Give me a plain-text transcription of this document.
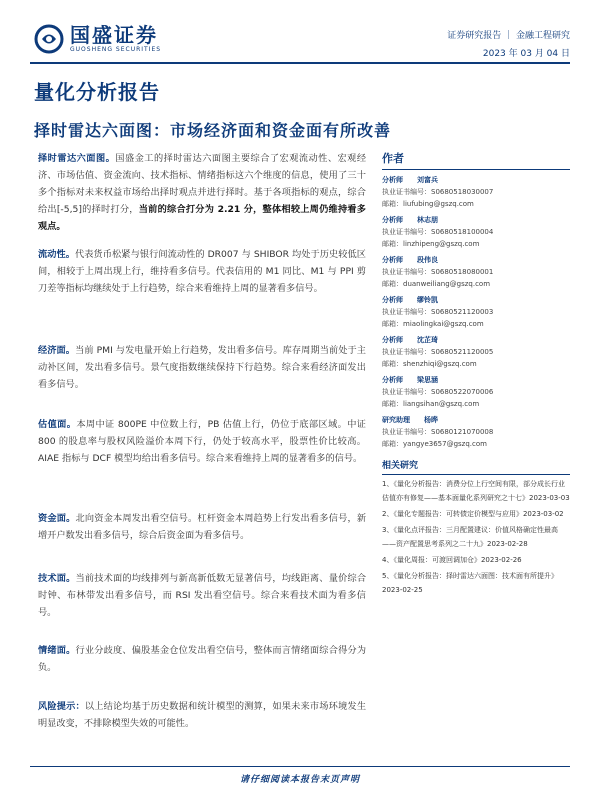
国盛证券
GUOSHENG SECURITIES
证券研究报告 ｜ 金融工程研究
2023 年 03 月 04 日
量化分析报告
择时雷达六面图：市场经济面和资金面有所改善

择时雷达六面图。国盛金工的择时雷达六面图主要综合了宏观流动性、宏观经济、市场估值、资金流向、技术指标、情绪指标这六个维度的信息，使用了三十多个指标对未来权益市场给出择时观点并进行择时。基于各项指标的观点，综合给出[-5,5]的择时打分，当前的综合打分为 2.21 分，整体相较上周仍维持看多观点。

流动性。代表货币松紧与银行间流动性的 DR007 与 SHIBOR 均处于历史较低区间，相较于上周出现上行，维持看多信号。代表信用的 M1 同比、M1 与 PPI 剪刀差等指标均继续处于上行趋势，综合来看维持上周的显著看多信号。

经济面。当前 PMI 与发电量开始上行趋势，发出看多信号。库存周期当前处于主动补区间，发出看多信号。景气度指数继续保持下行趋势。综合来看经济面发出看多信号。

估值面。本周中证 800PE 中位数上行，PB 估值上行，仍位于底部区域。中证 800 的股息率与股权风险溢价本周下行，仍处于较高水平，股票性价比较高。AIAE 指标与 DCF 模型均给出看多信号。综合来看维持上周的显著看多的信号。

资金面。北向资金本周发出看空信号。杠杆资金本周趋势上行发出看多信号，新增开户数发出看多信号，综合后资金面为看多信号。

技术面。当前技术面的均线排列与新高新低数无显著信号，均线距离、量价综合时钟、布林带发出看多信号，而 RSI 发出看空信号。综合来看技术面为看多信号。

情绪面。行业分歧度、偏股基金仓位发出看空信号，整体而言情绪面综合得分为负。

风险提示：以上结论均基于历史数据和统计模型的测算，如果未来市场环境发生明显改变，不排除模型失效的可能性。

作者
分析师 刘富兵
执业证书编号：S0680518030007
邮箱：liufubing@gszq.com
分析师 林志朋
执业证书编号：S0680518100004
邮箱：linzhipeng@gszq.com
分析师 段伟良
执业证书编号：S0680518080001
邮箱：duanweiliang@gszq.com
分析师 缪铃凯
执业证书编号：S0680521120003
邮箱：miaolingkai@gszq.com
分析师 沈芷琦
执业证书编号：S0680521120005
邮箱：shenzhiqi@gszq.com
分析师 梁思涵
执业证书编号：S0680522070006
邮箱：liangsihan@gszq.com
研究助理 杨晔
执业证书编号：S0680121070008
邮箱：yangye3657@gszq.com
相关研究
1、《量化分析报告：消费分位上行空间有限，部分成长行业估值亦有修复——基本面量化系列研究之十七》2023-03-03
2、《量化专题报告：可转债定价模型与应用》2023-03-02
3、《量化点评报告：三月配置建议：价值风格确定性最高——资产配置思考系列之二十九》2023-02-28
4、《量化周报：可渡回调加仓》2023-02-26
5、《量化分析报告：择时雷达六面图：技术面有所提升》2023-02-25
请仔细阅读本报告末页声明
